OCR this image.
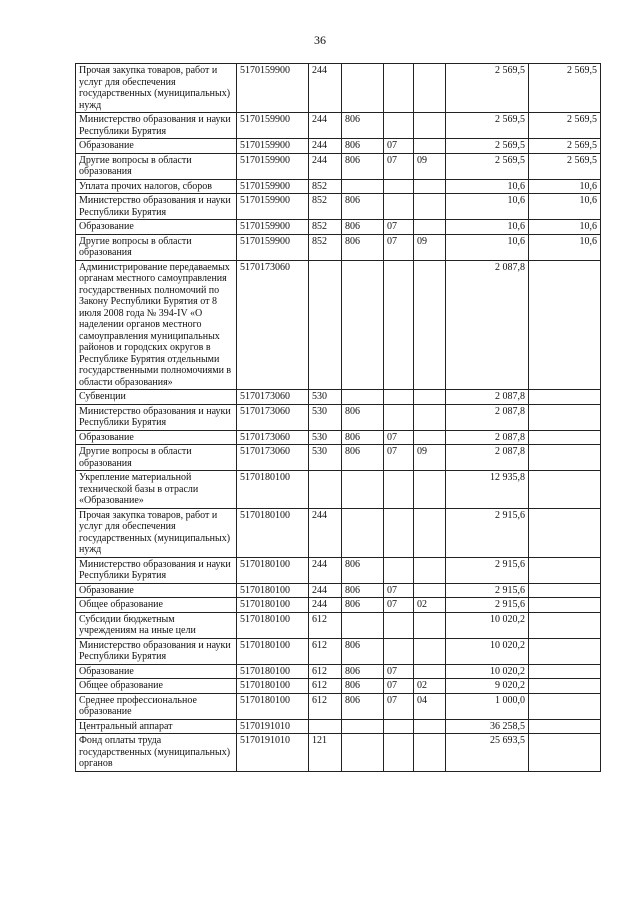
36
Прочая закупка товаров, работ и услуг для обеспечения государственных (муниципальных) нужд	5170159900	244				2 569,5	2 569,5
Министерство образования и науки Республики Бурятия	5170159900	244	806			2 569,5	2 569,5
Образование	5170159900	244	806	07		2 569,5	2 569,5
Другие вопросы в области образования	5170159900	244	806	07	09	2 569,5	2 569,5
Уплата прочих налогов, сборов	5170159900	852				10,6	10,6
Министерство образования и науки Республики Бурятия	5170159900	852	806			10,6	10,6
Образование	5170159900	852	806	07		10,6	10,6
Другие вопросы в области образования	5170159900	852	806	07	09	10,6	10,6
Администрирование передаваемых органам местного самоуправления государственных полномочий по Закону Республики Бурятия от 8 июля 2008 года № 394-IV «О наделении органов местного самоуправления муниципальных районов и городских округов в Республике Бурятия отдельными государственными полномочиями в области образования»	5170173060					2 087,8	
Субвенции	5170173060	530				2 087,8	
Министерство образования и науки Республики Бурятия	5170173060	530	806			2 087,8	
Образование	5170173060	530	806	07		2 087,8	
Другие вопросы в области образования	5170173060	530	806	07	09	2 087,8	
Укрепление материальной технической базы в отрасли «Образование»	5170180100					12 935,8	
Прочая закупка товаров, работ и услуг для обеспечения государственных (муниципальных) нужд	5170180100	244				2 915,6	
Министерство образования и науки Республики Бурятия	5170180100	244	806			2 915,6	
Образование	5170180100	244	806	07		2 915,6	
Общее образование	5170180100	244	806	07	02	2 915,6	
Субсидии бюджетным учреждениям на иные цели	5170180100	612				10 020,2	
Министерство образования и науки Республики Бурятия	5170180100	612	806			10 020,2	
Образование	5170180100	612	806	07		10 020,2	
Общее образование	5170180100	612	806	07	02	9 020,2	
Среднее профессиональное образование	5170180100	612	806	07	04	1 000,0	
Центральный аппарат	5170191010					36 258,5	
Фонд оплаты труда государственных (муниципальных) органов	5170191010	121				25 693,5	
